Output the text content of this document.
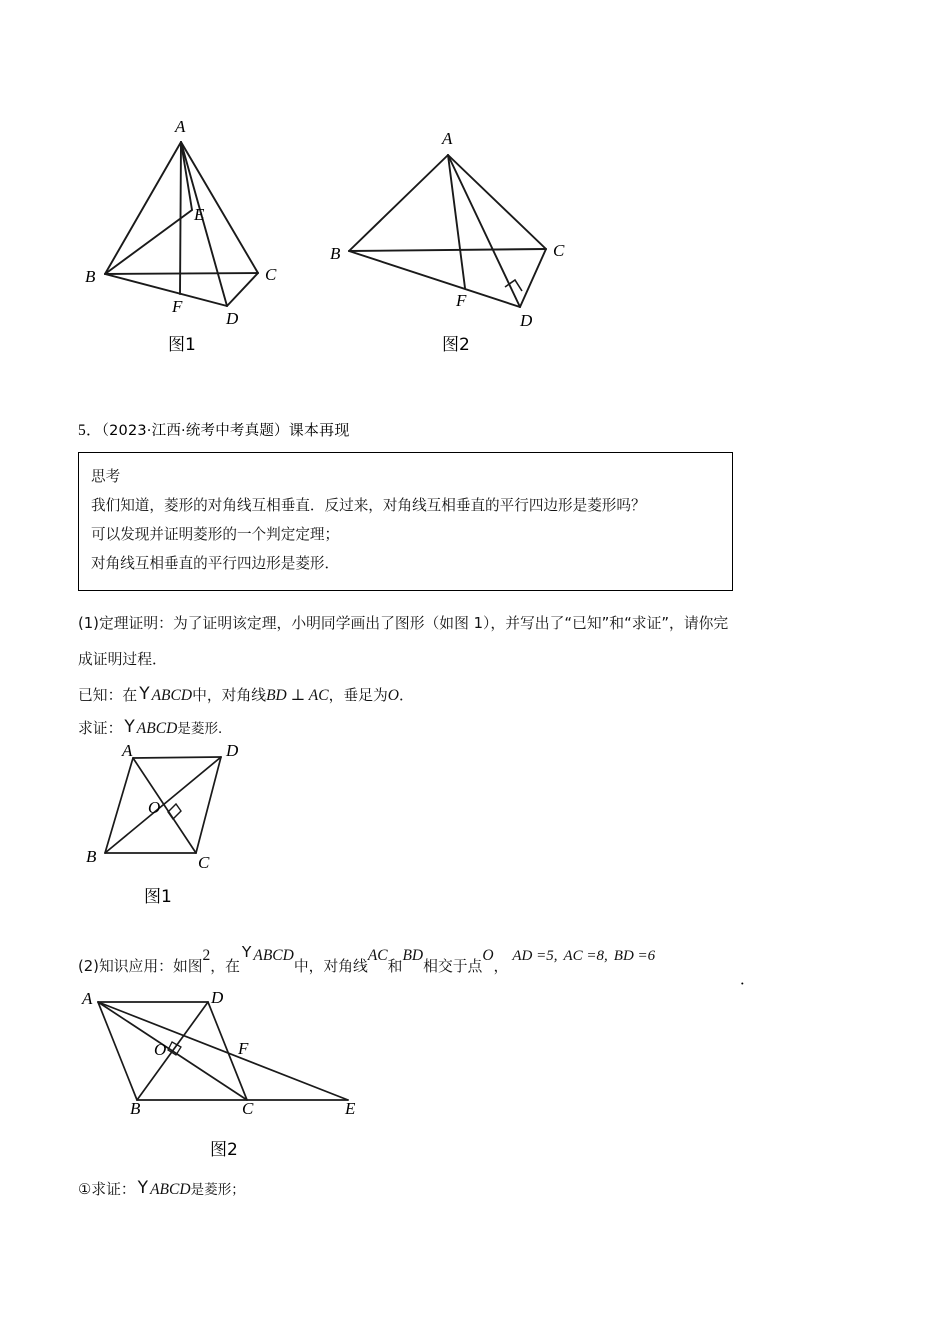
A
B	C
D
E
F
图1
A
B	C
D
F
图2
5．（2023·江西·统考中考真题）课本再现
思考
我们知道，菱形的对角线互相垂直．反过来，对角线互相垂直的平行四边形是菱形吗？
可以发现并证明菱形的一个判定定理；
对角线互相垂直的平行四边形是菱形．
(1)定理证明：为了证明该定理，小明同学画出了图形（如图 1），并写出了“已知”和“求证”，请你完
成证明过程．
已知：在 Y ABCD中，对角线BD ⊥ AC，垂足为O．
求证： Y ABCD是菱形．
A	D
B	C
O
图1
(2)知识应用：如图2，在Y ABCD中，对角线AC和BD相交于点O，AD =5, AC =8, BD =6
．
A	D
B	C	E
O	F
图2
①求证： Y ABCD是菱形；
